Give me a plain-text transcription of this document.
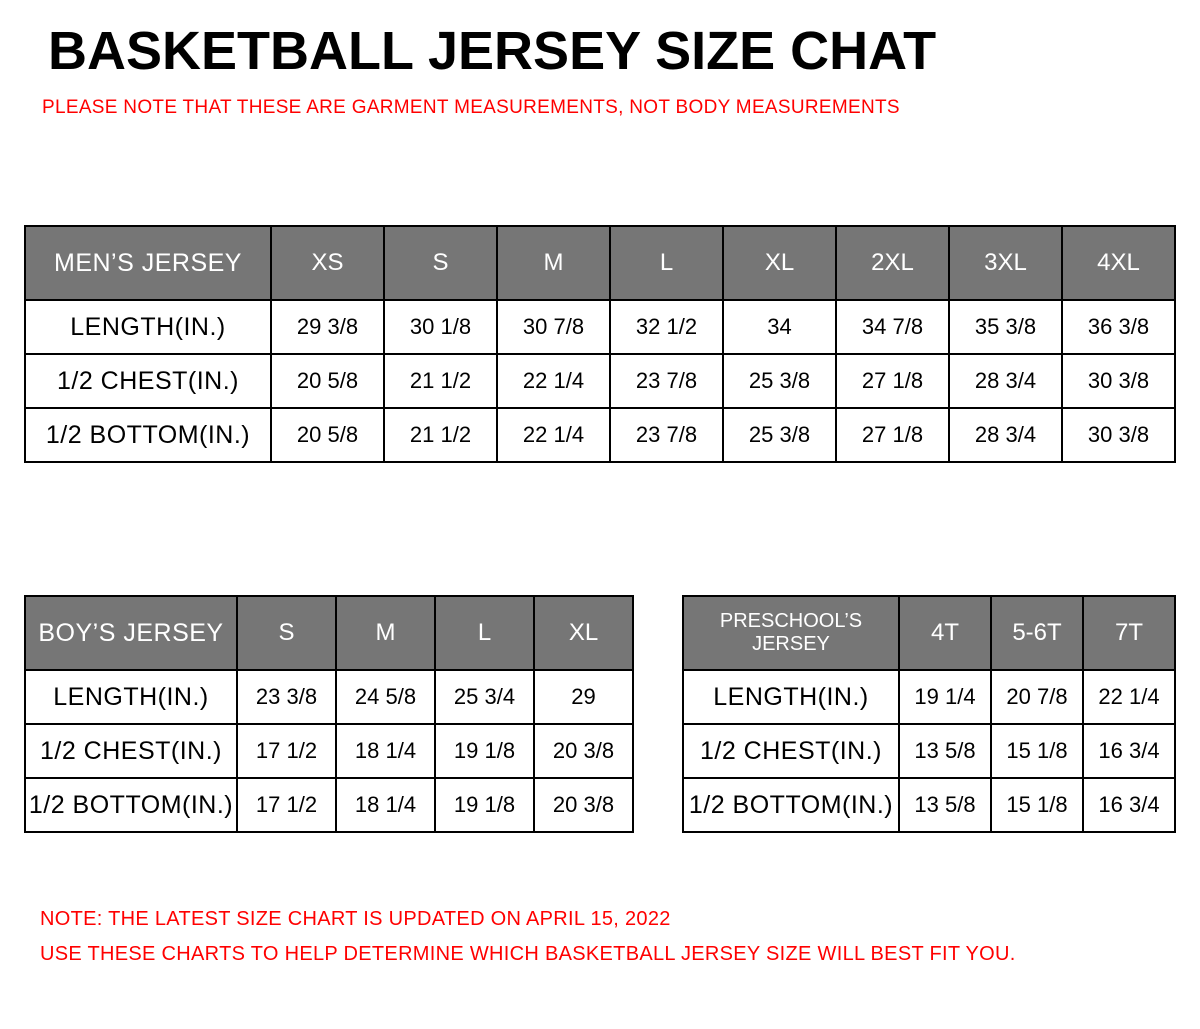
BASKETBALL JERSEY SIZE CHAT
PLEASE NOTE THAT THESE ARE GARMENT MEASUREMENTS, NOT BODY MEASUREMENTS
MEN’S JERSEY	XS	S	M	L	XL	2XL	3XL	4XL
LENGTH(IN.)	29 3/8	30 1/8	30 7/8	32 1/2	34	34 7/8	35 3/8	36 3/8
1/2 CHEST(IN.)	20 5/8	21 1/2	22 1/4	23 7/8	25 3/8	27 1/8	28 3/4	30 3/8
1/2 BOTTOM(IN.)	20 5/8	21 1/2	22 1/4	23 7/8	25 3/8	27 1/8	28 3/4	30 3/8
BOY’S JERSEY	S	M	L	XL
LENGTH(IN.)	23 3/8	24 5/8	25 3/4	29
1/2 CHEST(IN.)	17 1/2	18 1/4	19 1/8	20 3/8
1/2 BOTTOM(IN.)	17 1/2	18 1/4	19 1/8	20 3/8
PRESCHOOL’S JERSEY	4T	5-6T	7T
LENGTH(IN.)	19 1/4	20 7/8	22 1/4
1/2 CHEST(IN.)	13 5/8	15 1/8	16 3/4
1/2 BOTTOM(IN.)	13 5/8	15 1/8	16 3/4
NOTE: THE LATEST SIZE CHART IS UPDATED ON APRIL 15, 2022
USE THESE CHARTS TO HELP DETERMINE WHICH BASKETBALL JERSEY SIZE WILL BEST FIT YOU.
